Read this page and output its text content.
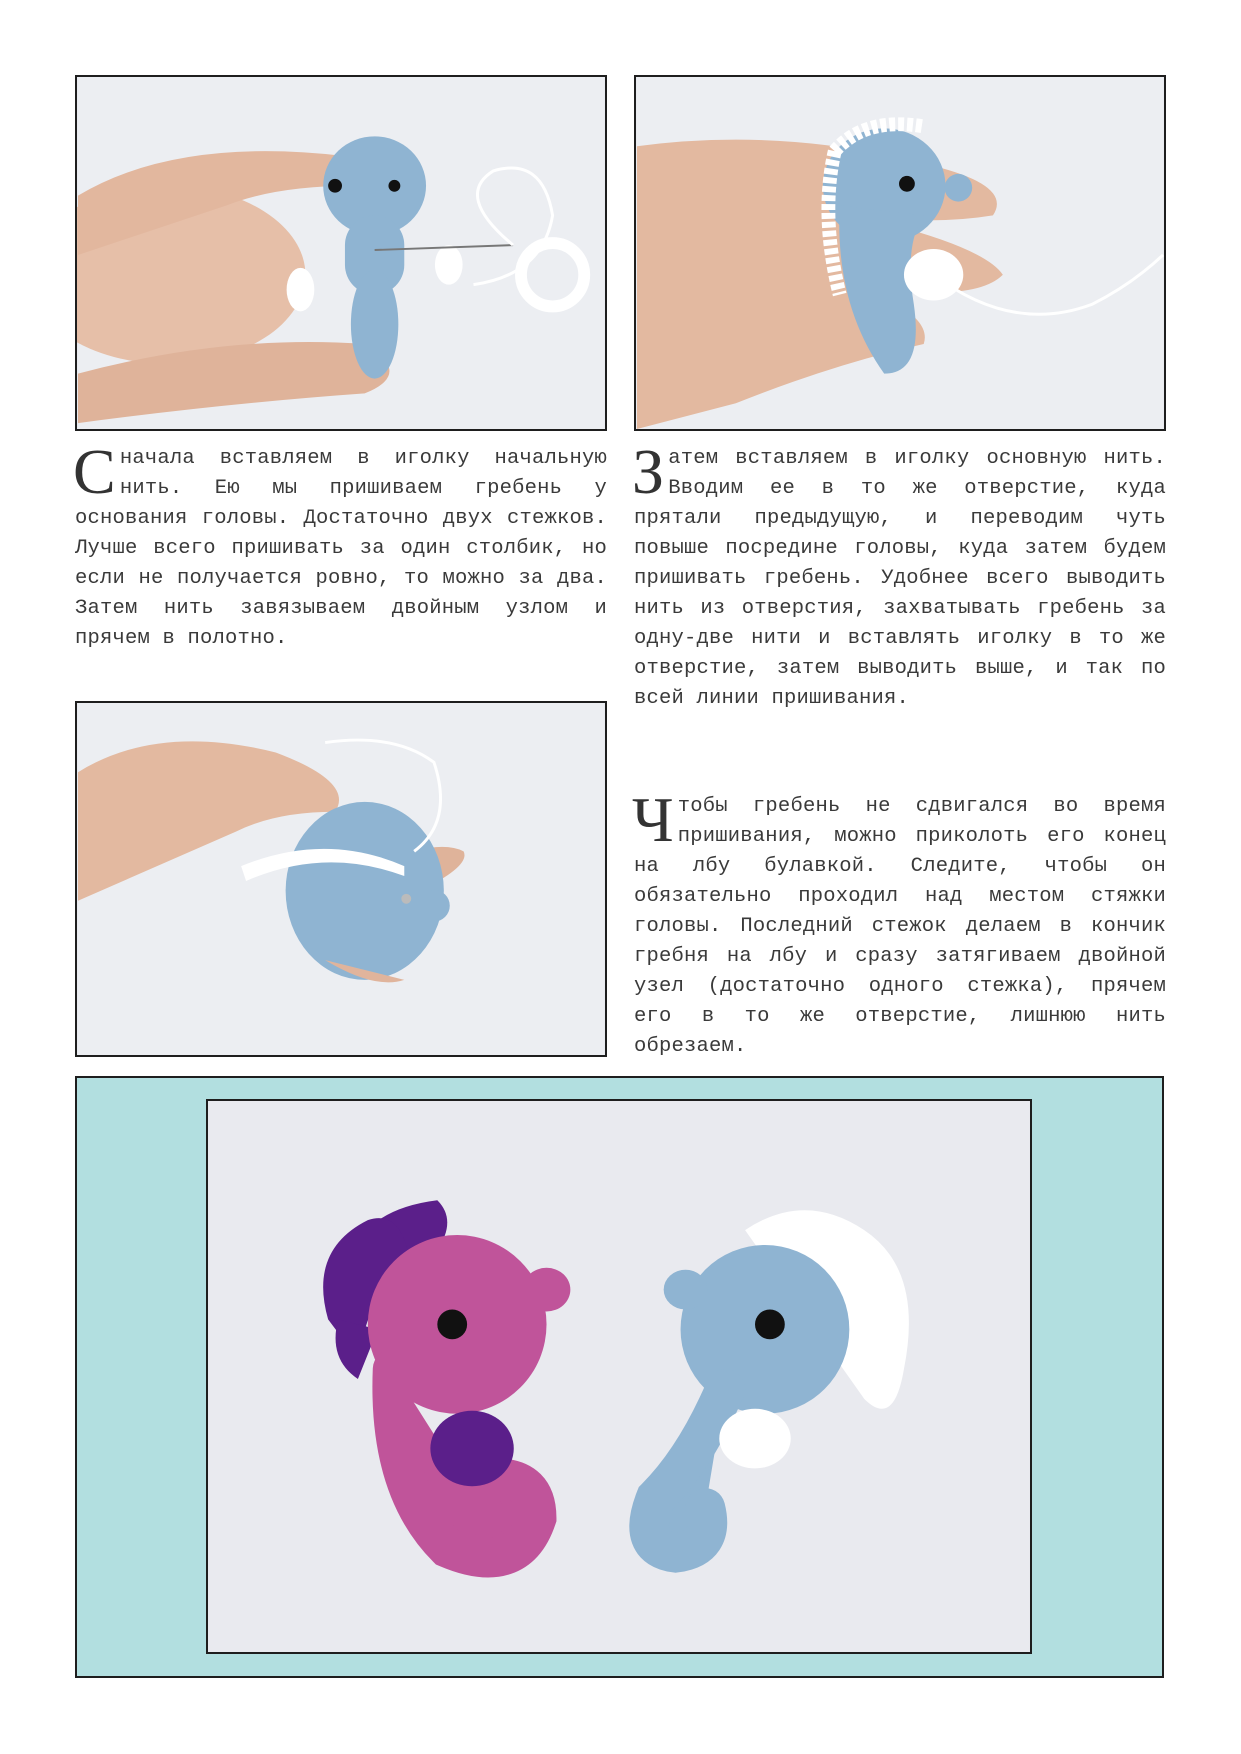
Сначала вставляем в иголку начальную нить. Ею мы пришиваем гребень у основания головы. Достаточно двух стежков. Лучше всего пришивать за один столбик, но если не получается ровно, то можно за два. Затем нить завязываем двойным узлом и прячем в полотно.

Затем вставляем в иголку основную нить. Вводим ее в то же отверстие, куда прятали предыдущую, и переводим чуть повыше посредине головы, куда затем будем пришивать гребень. Удобнее всего выводить нить из отверстия, захватывать гребень за одну-две нити и вставлять иголку в то же отверстие, затем выводить выше, и так по всей линии пришивания.

Чтобы гребень не сдвигался во время пришивания, можно приколоть его конец на лбу булавкой. Следите, чтобы он обязательно проходил над местом стяжки головы. Последний стежок делаем в кончик гребня на лбу и сразу затягиваем двойной узел (достаточно одного стежка), прячем его в то же отверстие, лишнюю нить обрезаем.
